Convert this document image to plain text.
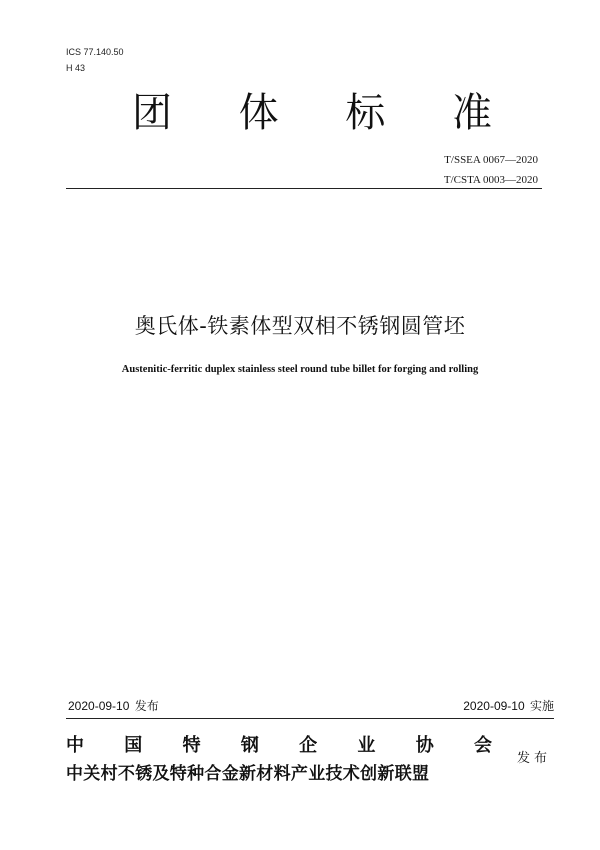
ICS 77.140.50
H 43
团 体 标 准
T/SSEA 0067—2020
T/CSTA 0003—2020
奥氏体-铁素体型双相不锈钢圆管坯
Austenitic-ferritic duplex stainless steel round tube billet for forging and rolling
2020-09-10 发布	2020-09-10 实施
中 国 特 钢 企 业 协 会
中关村不锈及特种合金新材料产业技术创新联盟
发布
